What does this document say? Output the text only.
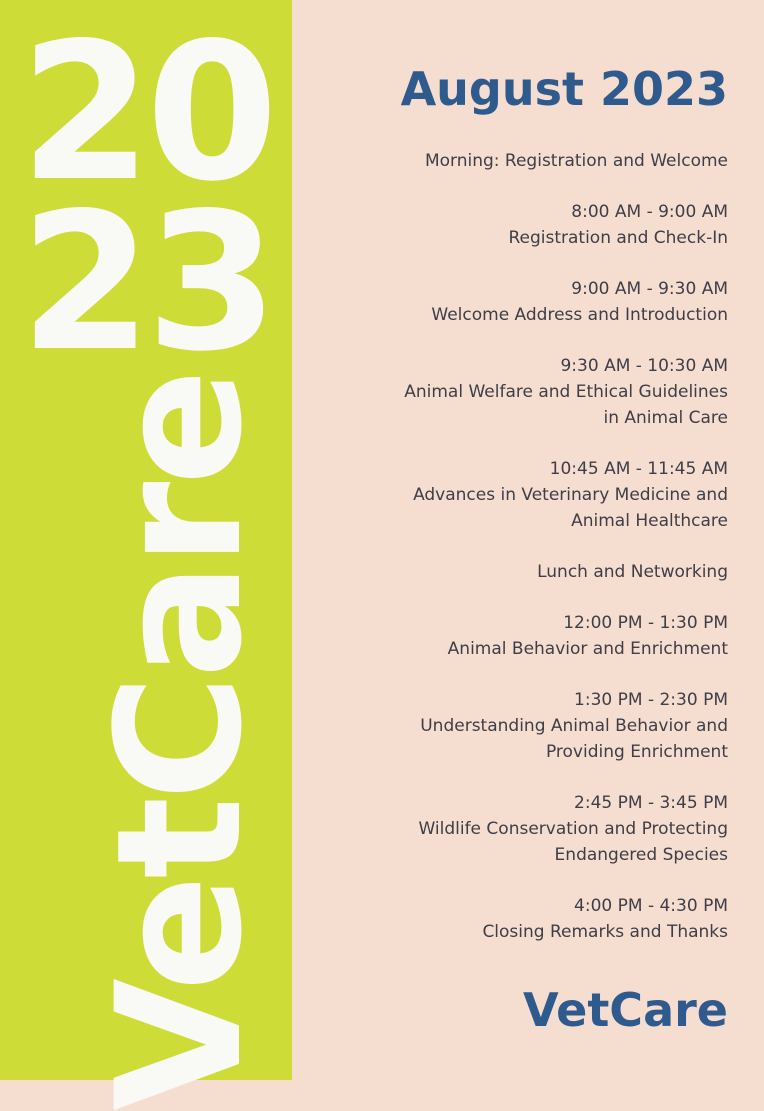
20
23
VetCare
August 2023
Morning: Registration and Welcome
8:00 AM - 9:00 AM
Registration and Check-In
9:00 AM - 9:30 AM
Welcome Address and Introduction
9:30 AM - 10:30 AM
Animal Welfare and Ethical Guidelines
in Animal Care
10:45 AM - 11:45 AM
Advances in Veterinary Medicine and
Animal Healthcare
Lunch and Networking
12:00 PM - 1:30 PM
Animal Behavior and Enrichment
1:30 PM - 2:30 PM
Understanding Animal Behavior and
Providing Enrichment
2:45 PM - 3:45 PM
Wildlife Conservation and Protecting
Endangered Species
4:00 PM - 4:30 PM
Closing Remarks and Thanks
VetCare
